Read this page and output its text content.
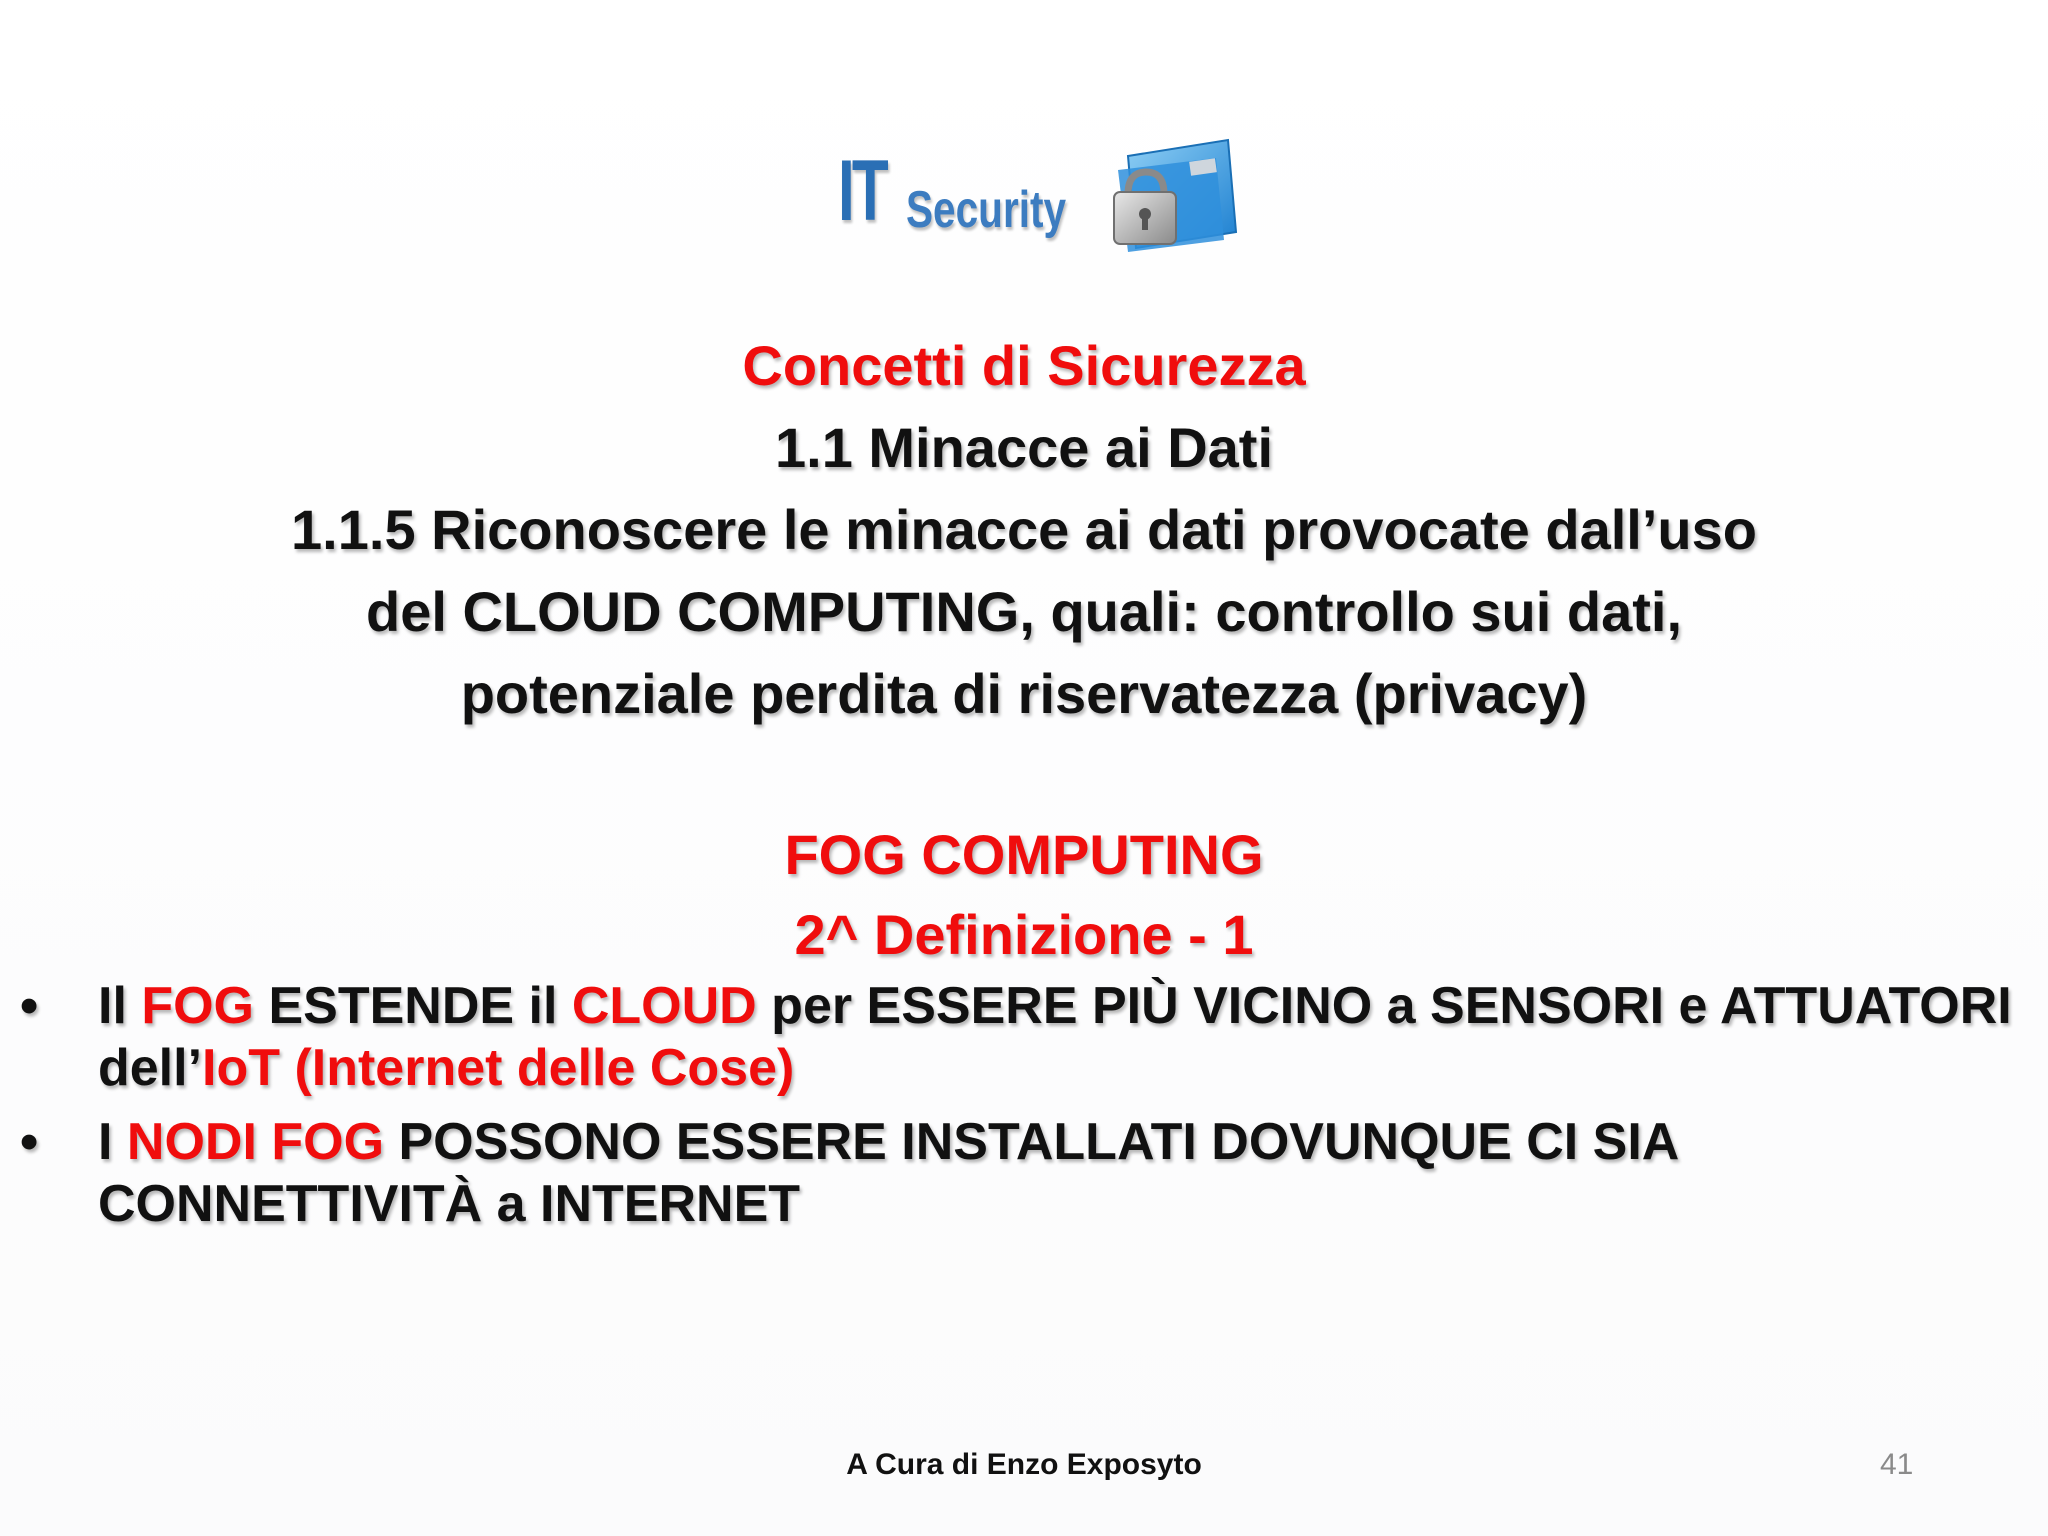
IT Security
Concetti di Sicurezza
1.1 Minacce ai Dati
1.1.5 Riconoscere le minacce ai dati provocate dall’uso
del CLOUD COMPUTING, quali: controllo sui dati,
potenziale perdita di riservatezza (privacy)
FOG COMPUTING
2^ Definizione - 1
• Il FOG ESTENDE il CLOUD per ESSERE PIÙ VICINO a SENSORI e ATTUATORI
dell’IoT (Internet delle Cose)
• I NODI FOG POSSONO ESSERE INSTALLATI DOVUNQUE CI SIA
CONNETTIVITÀ a INTERNET
A Cura di Enzo Exposyto	41
